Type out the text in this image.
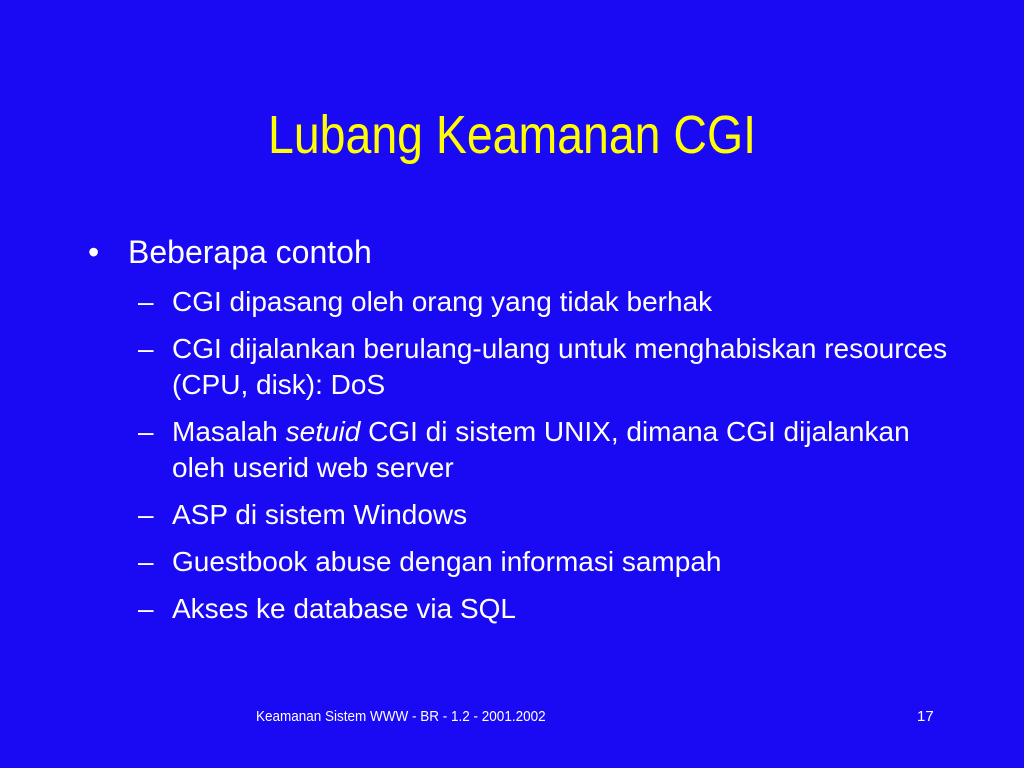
Lubang Keamanan CGI
• Beberapa contoh
– CGI dipasang oleh orang yang tidak berhak
– CGI dijalankan berulang-ulang untuk menghabiskan resources (CPU, disk): DoS
– Masalah setuid CGI di sistem UNIX, dimana CGI dijalankan oleh userid web server
– ASP di sistem Windows
– Guestbook abuse dengan informasi sampah
– Akses ke database via SQL
Keamanan Sistem WWW - BR - 1.2 - 2001.2002	17
